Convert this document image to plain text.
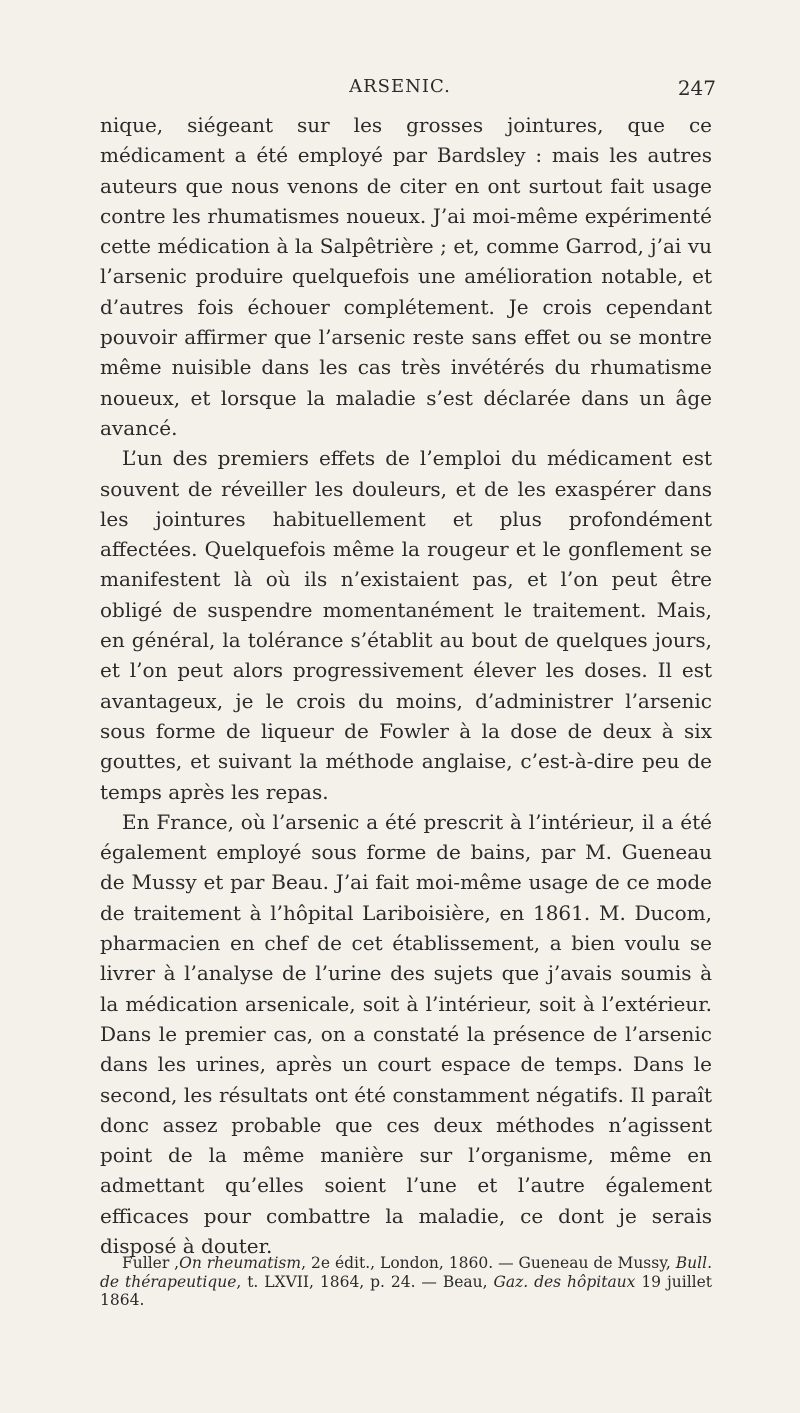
ARSENIC.	247

nique, siégeant sur les grosses jointures, que ce médicament a été employé par Bardsley : mais les autres auteurs que nous venons de citer en ont surtout fait usage contre les rhumatismes noueux. J’ai moi-même expérimenté cette médication à la Salpêtrière ; et, comme Garrod, j’ai vu l’arsenic produire quelquefois une amélioration notable, et d’autres fois échouer complétement. Je crois cependant pouvoir affirmer que l’arsenic reste sans effet ou se montre même nuisible dans les cas très invétérés du rhumatisme noueux, et lorsque la maladie s’est déclarée dans un âge avancé.

L’un des premiers effets de l’emploi du médicament est souvent de réveiller les douleurs, et de les exaspérer dans les jointures habituellement et plus profondément affectées. Quelquefois même la rougeur et le gonflement se manifestent là où ils n’existaient pas, et l’on peut être obligé de suspendre momentanément le traitement. Mais, en général, la tolérance s’établit au bout de quelques jours, et l’on peut alors progressivement élever les doses. Il est avantageux, je le crois du moins, d’administrer l’arsenic sous forme de liqueur de Fowler à la dose de deux à six gouttes, et suivant la méthode anglaise, c’est-à-dire peu de temps après les repas.

En France, où l’arsenic a été prescrit à l’intérieur, il a été également employé sous forme de bains, par M. Gueneau de Mussy et par Beau. J’ai fait moi-même usage de ce mode de traitement à l’hôpital Lariboisière, en 1861. M. Ducom, pharmacien en chef de cet établissement, a bien voulu se livrer à l’analyse de l’urine des sujets que j’avais soumis à la médication arsenicale, soit à l’intérieur, soit à l’extérieur. Dans le premier cas, on a constaté la présence de l’arsenic dans les urines, après un court espace de temps. Dans le second, les résultats ont été constamment négatifs. Il paraît donc assez probable que ces deux méthodes n’agissent point de la même manière sur l’organisme, même en admettant qu’elles soient l’une et l’autre également efficaces pour combattre la maladie, ce dont je serais disposé à douter.

Fuller ,On rheumatism, 2e édit., London, 1860. — Gueneau de Mussy, Bull. de thérapeutique, t. LXVII, 1864, p. 24. — Beau, Gaz. des hôpitaux 19 juillet 1864.
